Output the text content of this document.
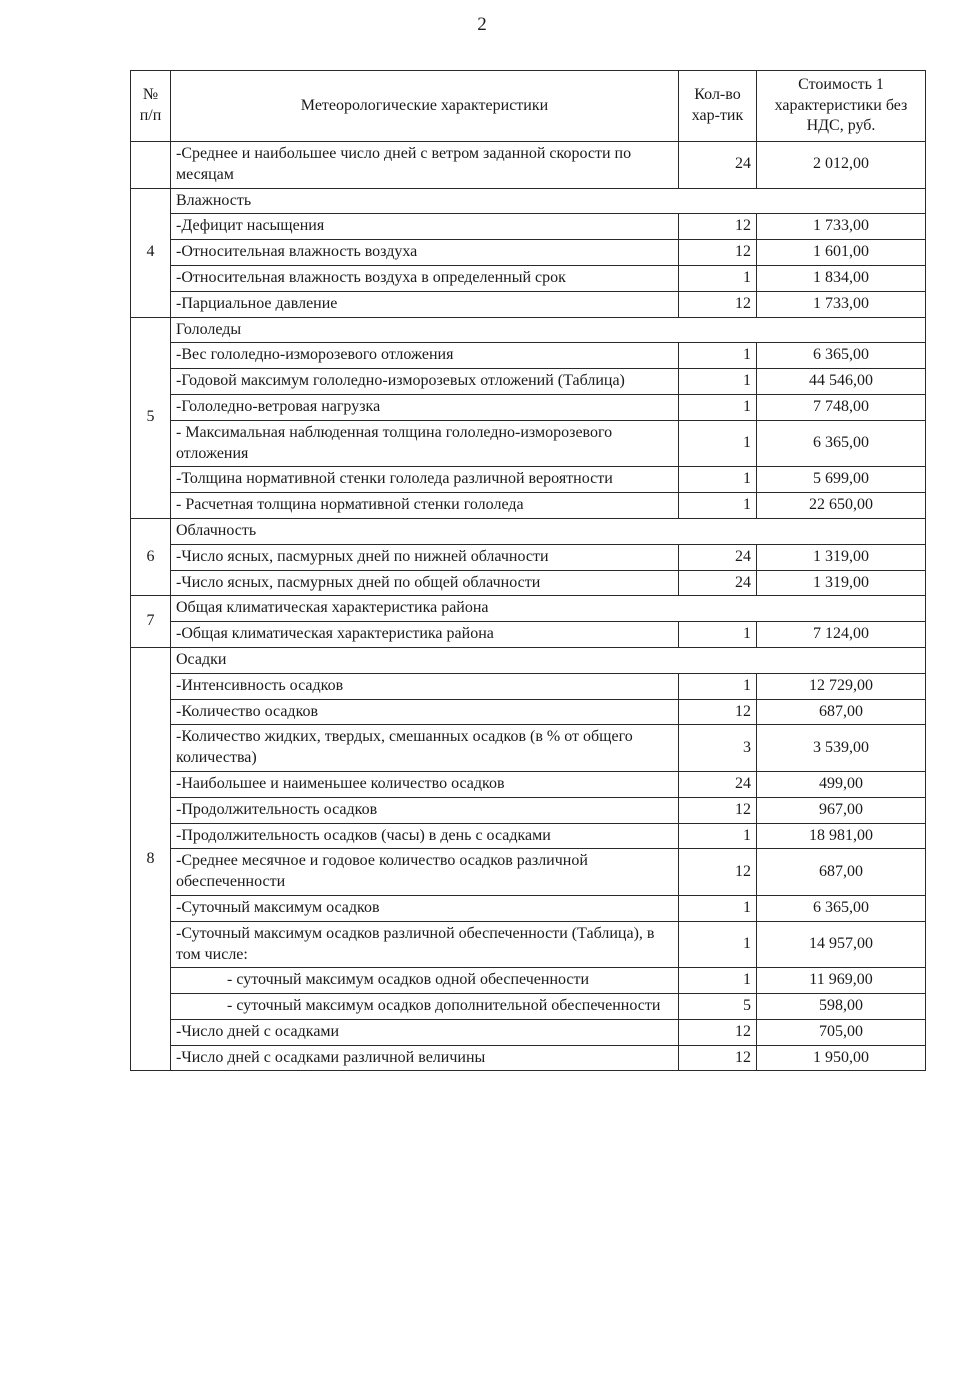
2
№ п/п	Метеорологические характеристики	Кол-во хар-тик	Стоимость 1 характеристики без НДС, руб.
	-Среднее и наибольшее число дней с ветром заданной скорости по месяцам	24	2 012,00
4	Влажность		
	-Дефицит насыщения	12	1 733,00
	-Относительная влажность воздуха	12	1 601,00
	-Относительная влажность воздуха в определенный срок	1	1 834,00
	-Парциальное давление	12	1 733,00
5	Гололеды		
	-Вес гололедно-изморозевого отложения	1	6 365,00
	-Годовой максимум гололедно-изморозевых отложений (Таблица)	1	44 546,00
	-Гололедно-ветровая нагрузка	1	7 748,00
	- Максимальная наблюденная толщина гололедно-изморозевого отложения	1	6 365,00
	-Толщина нормативной стенки гололеда различной вероятности	1	5 699,00
	- Расчетная толщина нормативной стенки гололеда	1	22 650,00
6	Облачность		
	-Число ясных, пасмурных дней по нижней облачности	24	1 319,00
	-Число ясных, пасмурных дней по общей облачности	24	1 319,00
7	Общая климатическая характеристика района		
	-Общая климатическая характеристика района	1	7 124,00
8	Осадки		
	-Интенсивность осадков	1	12 729,00
	-Количество осадков	12	687,00
	-Количество жидких, твердых, смешанных осадков (в % от общего количества)	3	3 539,00
	-Наибольшее и наименьшее количество осадков	24	499,00
	-Продолжительность осадков	12	967,00
	-Продолжительность осадков (часы) в день с осадками	1	18 981,00
	-Среднее месячное и годовое количество осадков различной обеспеченности	12	687,00
	-Суточный максимум осадков	1	6 365,00
	-Суточный максимум осадков различной обеспеченности (Таблица), в том числе:	1	14 957,00
	- суточный максимум осадков одной обеспеченности	1	11 969,00
	- суточный максимум осадков дополнительной обеспеченности	5	598,00
	-Число дней с осадками	12	705,00
	-Число дней с осадками различной величины	12	1 950,00
